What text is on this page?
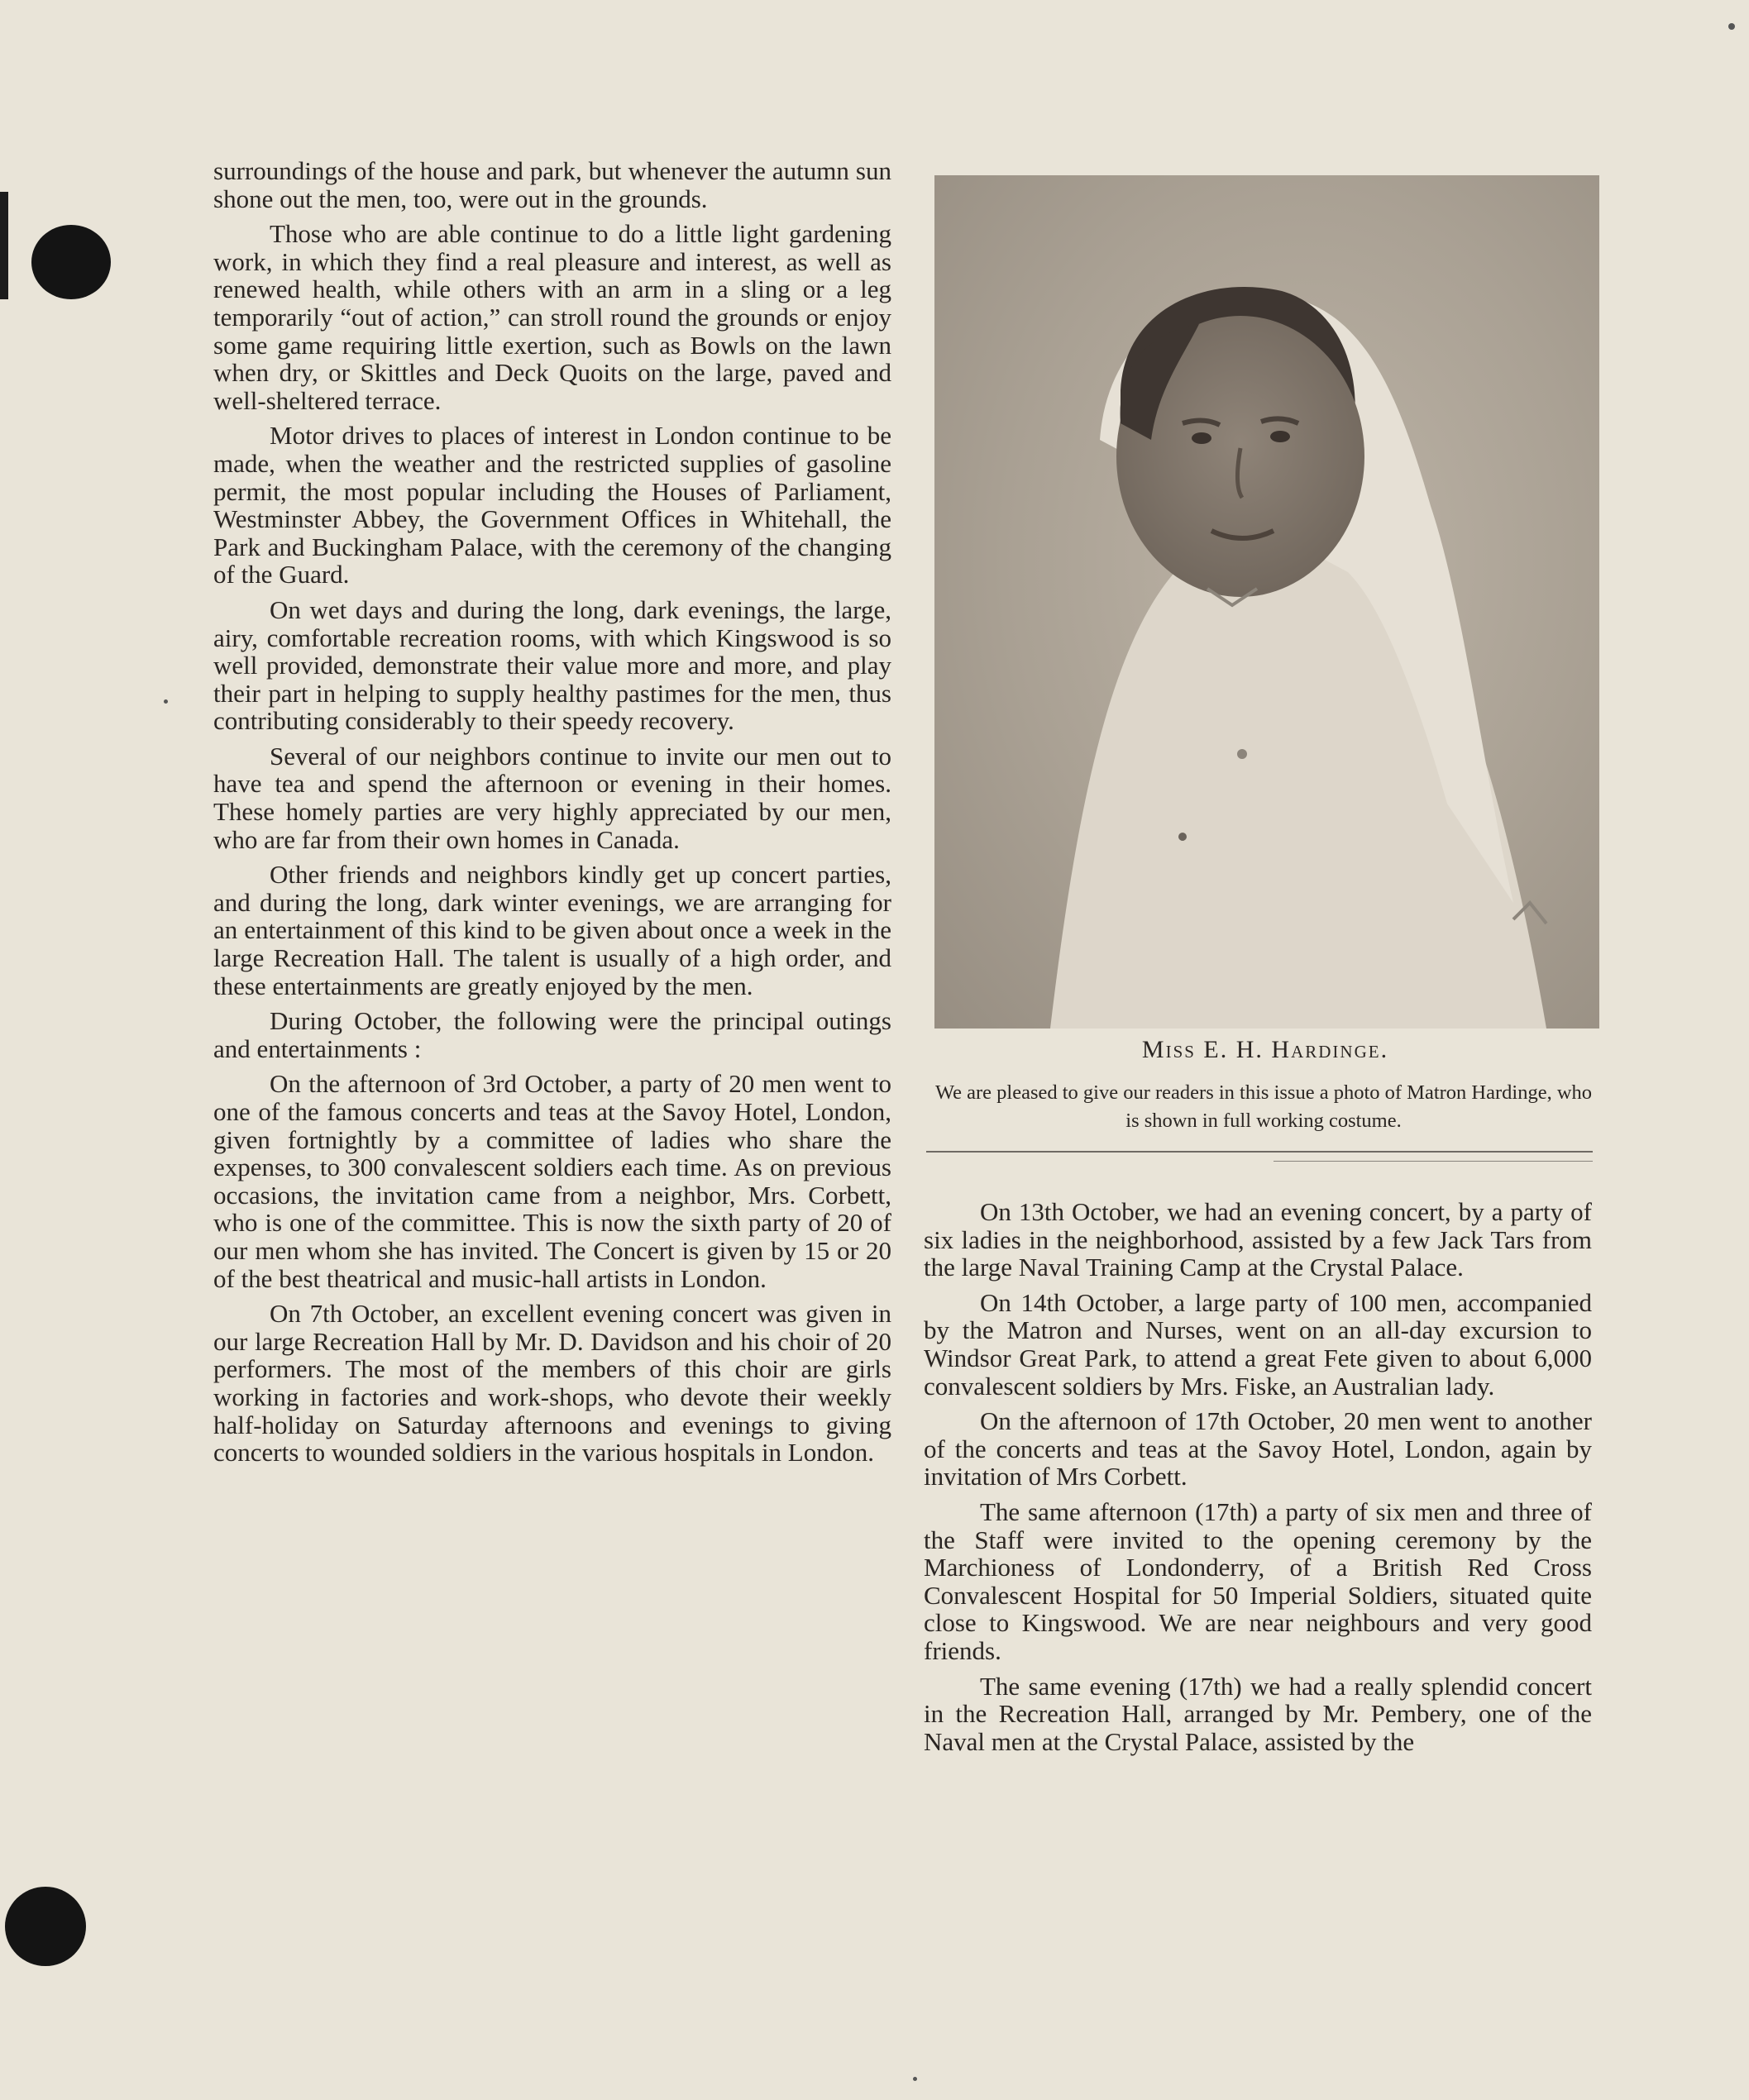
surroundings of the house and park, but whenever the autumn sun shone out the men, too, were out in the grounds.

Those who are able continue to do a little light gardening work, in which they find a real pleasure and interest, as well as renewed health, while others with an arm in a sling or a leg temporarily “out of action,” can stroll round the grounds or enjoy some game requiring little exertion, such as Bowls on the lawn when dry, or Skittles and Deck Quoits on the large, paved and well-sheltered terrace.

Motor drives to places of interest in London continue to be made, when the weather and the restricted supplies of gasoline permit, the most popular including the Houses of Parliament, Westminster Abbey, the Government Offices in Whitehall, the Park and Buckingham Palace, with the ceremony of the changing of the Guard.

On wet days and during the long, dark evenings, the large, airy, comfortable recreation rooms, with which Kingswood is so well provided, demonstrate their value more and more, and play their part in helping to supply healthy pastimes for the men, thus contributing considerably to their speedy recovery.

Several of our neighbors continue to invite our men out to have tea and spend the afternoon or evening in their homes. These homely parties are very highly appreciated by our men, who are far from their own homes in Canada.

Other friends and neighbors kindly get up concert parties, and during the long, dark winter evenings, we are arranging for an entertainment of this kind to be given about once a week in the large Recreation Hall. The talent is usually of a high order, and these entertainments are greatly enjoyed by the men.

During October, the following were the principal outings and entertainments :

On the afternoon of 3rd October, a party of 20 men went to one of the famous concerts and teas at the Savoy Hotel, London, given fortnightly by a committee of ladies who share the expenses, to 300 convalescent soldiers each time. As on previous occasions, the invitation came from a neighbor, Mrs. Corbett, who is one of the committee. This is now the sixth party of 20 of our men whom she has invited. The Concert is given by 15 or 20 of the best theatrical and music-hall artists in London.

On 7th October, an excellent evening concert was given in our large Recreation Hall by Mr. D. Davidson and his choir of 20 performers. The most of the members of this choir are girls working in factories and work-shops, who devote their weekly half-holiday on Saturday afternoons and evenings to giving concerts to wounded soldiers in the various hospitals in London.

Miss E. H. Hardinge.
We are pleased to give our readers in this issue a photo of Matron Hardinge, who is shown in full working costume.

On 13th October, we had an evening concert, by a party of six ladies in the neighborhood, assisted by a few Jack Tars from the large Naval Training Camp at the Crystal Palace.

On 14th October, a large party of 100 men, accompanied by the Matron and Nurses, went on an all-day excursion to Windsor Great Park, to attend a great Fete given to about 6,000 convalescent soldiers by Mrs. Fiske, an Australian lady.

On the afternoon of 17th October, 20 men went to another of the concerts and teas at the Savoy Hotel, London, again by invitation of Mrs Corbett.

The same afternoon (17th) a party of six men and three of the Staff were invited to the opening ceremony by the Marchioness of Londonderry, of a British Red Cross Convalescent Hospital for 50 Imperial Soldiers, situated quite close to Kingswood. We are near neighbours and very good friends.

The same evening (17th) we had a really splendid concert in the Recreation Hall, arranged by Mr. Pembery, one of the Naval men at the Crystal Palace, assisted by the
